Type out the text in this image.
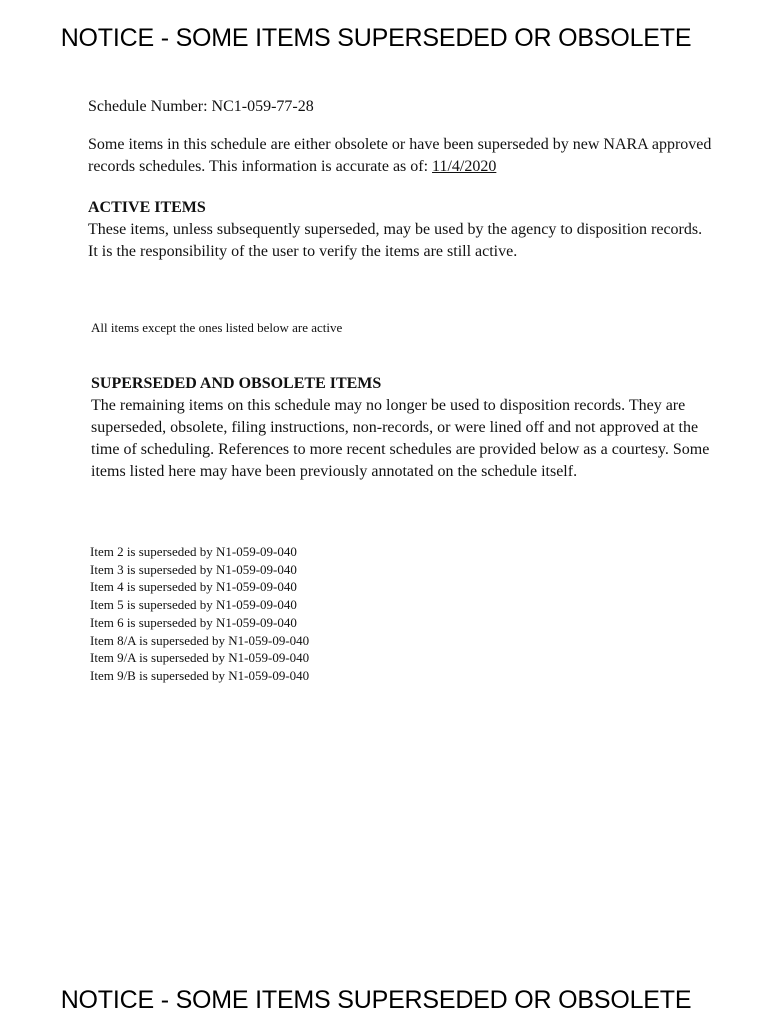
NOTICE - SOME ITEMS SUPERSEDED OR OBSOLETE
Schedule Number: NC1-059-77-28

Some items in this schedule are either obsolete or have been superseded by new NARA approved records schedules. This information is accurate as of: 11/4/2020

ACTIVE ITEMS

These items, unless subsequently superseded, may be used by the agency to disposition records. It is the responsibility of the user to verify the items are still active.

All items except the ones listed below are active

SUPERSEDED AND OBSOLETE ITEMS

The remaining items on this schedule may no longer be used to disposition records. They are superseded, obsolete, filing instructions, non-records, or were lined off and not approved at the time of scheduling. References to more recent schedules are provided below as a courtesy. Some items listed here may have been previously annotated on the schedule itself.

Item 2 is superseded by N1-059-09-040
Item 3 is superseded by N1-059-09-040
Item 4 is superseded by N1-059-09-040
Item 5 is superseded by N1-059-09-040
Item 6 is superseded by N1-059-09-040
Item 8/A is superseded by N1-059-09-040
Item 9/A is superseded by N1-059-09-040
Item 9/B is superseded by N1-059-09-040
NOTICE - SOME ITEMS SUPERSEDED OR OBSOLETE
